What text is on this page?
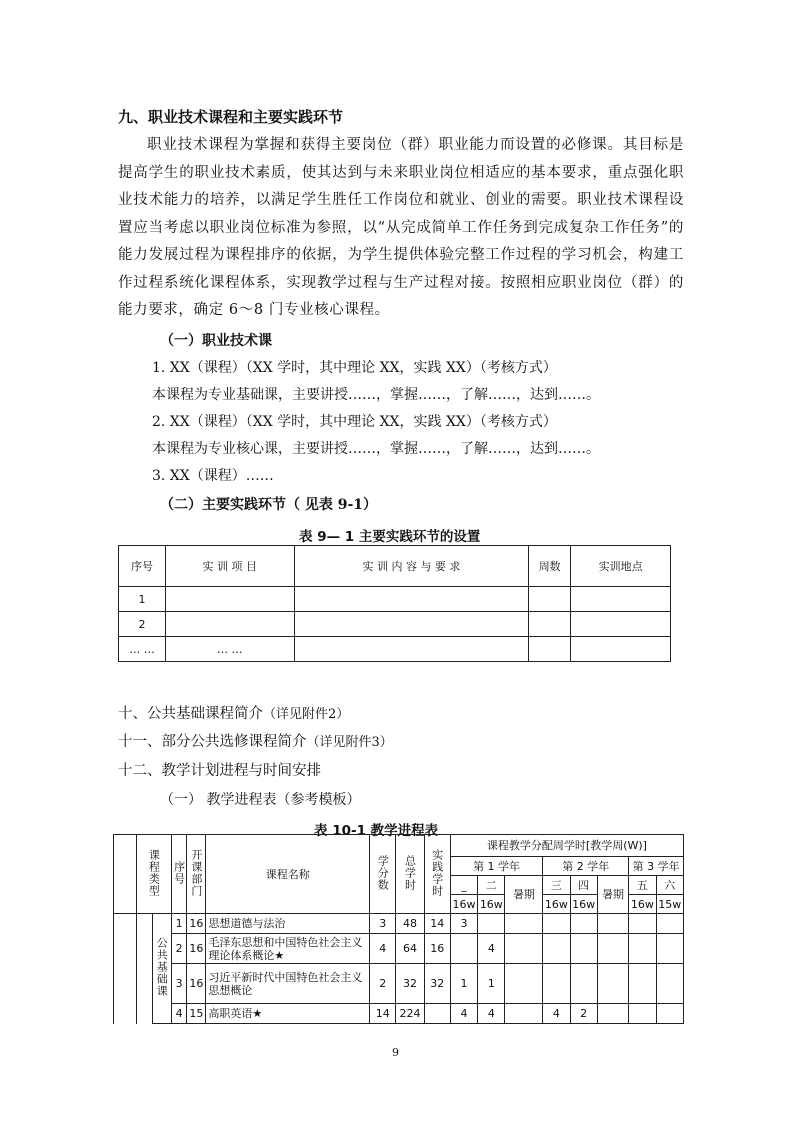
九、职业技术课程和主要实践环节

职业技术课程为掌握和获得主要岗位（群）职业能力而设置的必修课。其目标是提高学生的职业技术素质，使其达到与未来职业岗位相适应的基本要求，重点强化职业技术能力的培养，以满足学生胜任工作岗位和就业、创业的需要。职业技术课程设置应当考虑以职业岗位标准为参照，以“从完成简单工作任务到完成复杂工作任务”的能力发展过程为课程排序的依据，为学生提供体验完整工作过程的学习机会，构建工作过程系统化课程体系，实现教学过程与生产过程对接。按照相应职业岗位（群）的能力要求，确定 6～8 门专业核心课程。

（一）职业技术课
1. XX（课程）（XX 学时，其中理论 XX，实践 XX）（考核方式）
本课程为专业基础课，主要讲授……，掌握……，了解……，达到……。
2. XX（课程）（XX 学时，其中理论 XX，实践 XX）（考核方式）
本课程为专业核心课，主要讲授……，掌握……，了解……，达到……。
3. XX（课程）……
（二）主要实践环节（ 见表 9-1）
表 9— 1 主要实践环节的设置
序号	实 训 项 目	实 训 内 容 与 要 求	周数	实训地点
1				
2				
… …	… …			
十、公共基础课程简介（详见附件2）
十一、部分公共选修课程简介（详见附件3）
十二、教学计划进程与时间安排
（一） 教学进程表（参考模板）
表 10-1 教学进程表
	课程类型		序号	开课部门	课程名称	学分数	总学时	实践学时	课程教学分配周学时[教学周(W)]							
									第 1 学年			第 2 学年			第 3 学年	
									_	二	暑期	三	四	暑期	五	六
									16w	16w		16w	16w		16w	15w
		公共基础课	1	16	思想道德与法治	3	48	14	3							
			2	16	毛泽东思想和中国特色社会主义理论体系概论★	4	64	16		4						
			3	16	习近平新时代中国特色社会主义思想概论	2	32	32	1	1						
			4	15	高职英语★	14	224		4	4		4	2			
9
